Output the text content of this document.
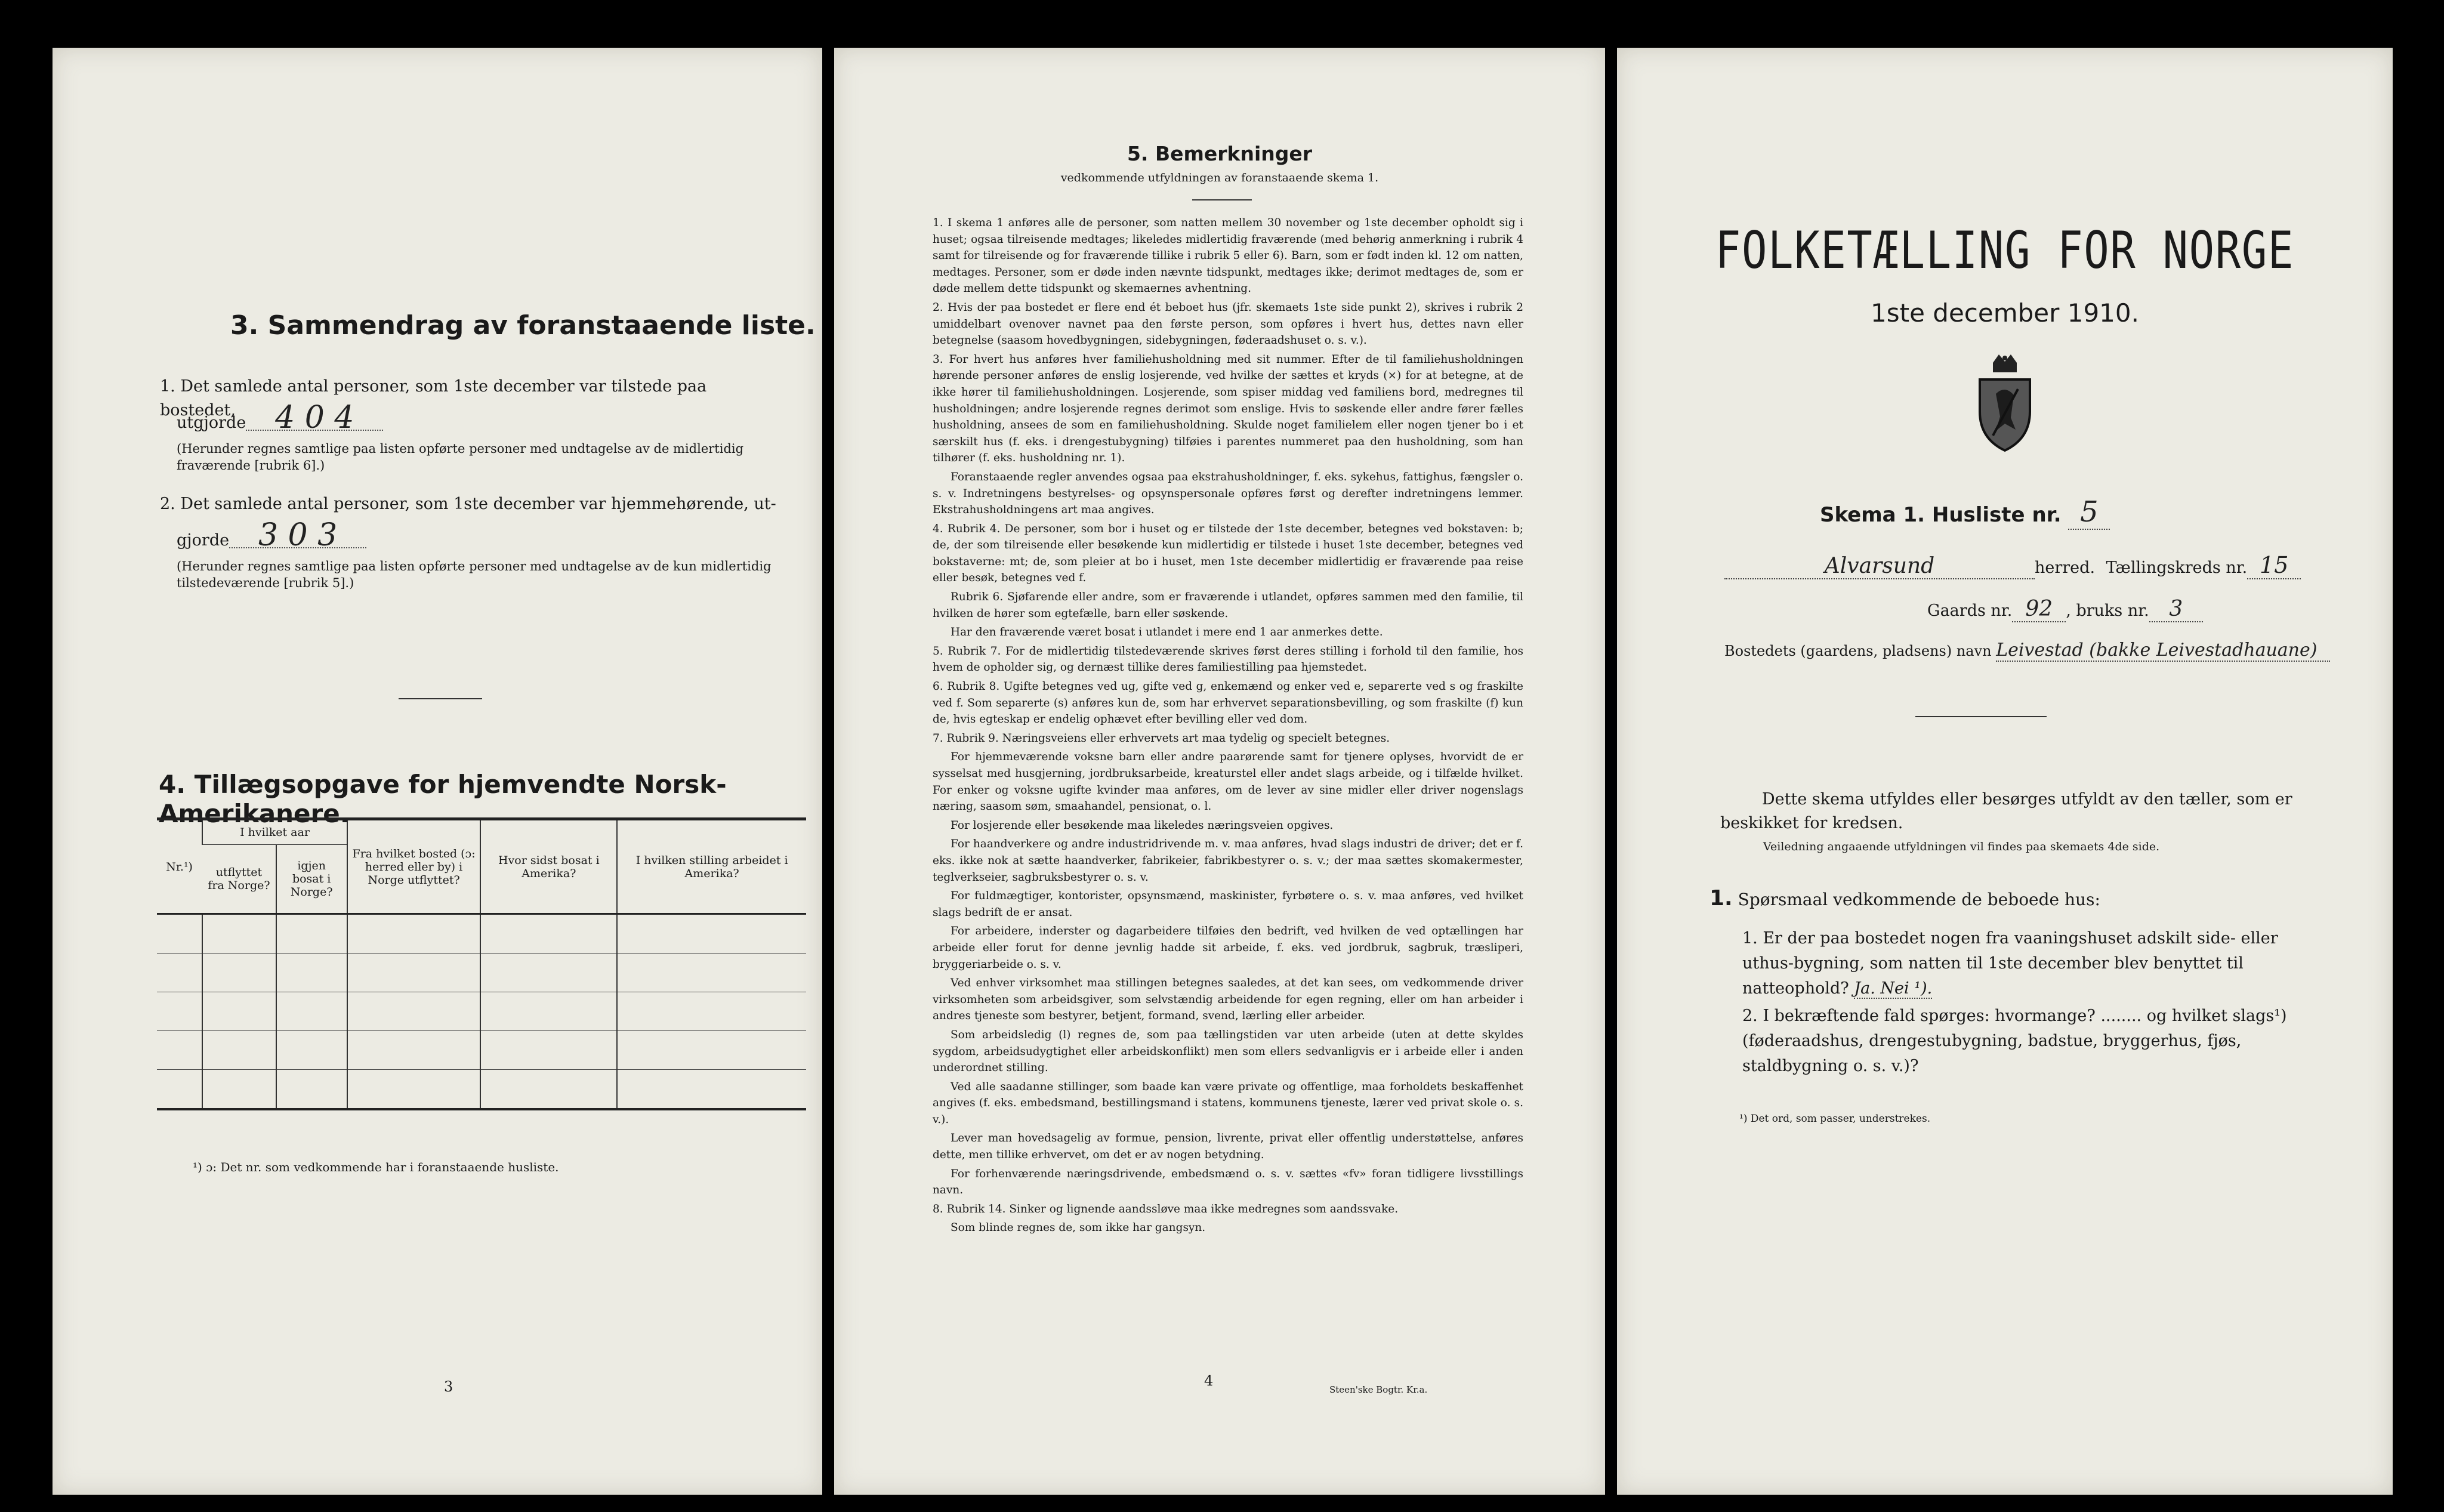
3. Sammendrag av foranstaaende liste.
1. Det samlede antal personer, som 1ste december var tilstede paa bostedet,
utgjorde 4 0 4
(Herunder regnes samtlige paa listen opførte personer med undtagelse av de midlertidig fraværende [rubrik 6].)
2. Det samlede antal personer, som 1ste december var hjemmehørende, ut-
gjorde 3 0 3
(Herunder regnes samtlige paa listen opførte personer med undtagelse av de kun midlertidig tilstedeværende [rubrik 5].)
4. Tillægsopgave for hjemvendte Norsk-Amerikanere.
Nr.¹)	I hvilket aar		Fra hvilket bosted (ɔ: herred eller by) i Norge utflyttet?	Hvor sidst bosat i Amerika?	I hvilken stilling arbeidet i Amerika?
	utflyttet fra Norge?	igjen bosat i Norge?			

¹) ɔ: Det nr. som vedkommende har i foranstaaende husliste.
3
5. Bemerkninger
vedkommende utfyldningen av foranstaaende skema 1.

1. I skema 1 anføres alle de personer, som natten mellem 30 november og 1ste december opholdt sig i huset; ogsaa tilreisende medtages; likeledes midlertidig fraværende (med behørig anmerkning i rubrik 4 samt for tilreisende og for fraværende tillike i rubrik 5 eller 6). Barn, som er født inden kl. 12 om natten, medtages. Personer, som er døde inden nævnte tidspunkt, medtages ikke; derimot medtages de, som er døde mellem dette tidspunkt og skemaernes avhentning.

2. Hvis der paa bostedet er flere end ét beboet hus (jfr. skemaets 1ste side punkt 2), skrives i rubrik 2 umiddelbart ovenover navnet paa den første person, som opføres i hvert hus, dettes navn eller betegnelse (saasom hovedbygningen, sidebygningen, føderaadshuset o. s. v.).

3. For hvert hus anføres hver familiehusholdning med sit nummer. Efter de til familiehusholdningen hørende personer anføres de enslig losjerende, ved hvilke der sættes et kryds (×) for at betegne, at de ikke hører til familiehusholdningen. Losjerende, som spiser middag ved familiens bord, medregnes til husholdningen; andre losjerende regnes derimot som enslige. Hvis to søskende eller andre fører fælles husholdning, ansees de som en familiehusholdning. Skulde noget familielem eller nogen tjener bo i et særskilt hus (f. eks. i drengestubygning) tilføies i parentes nummeret paa den husholdning, som han tilhører (f. eks. husholdning nr. 1).

Foranstaaende regler anvendes ogsaa paa ekstrahusholdninger, f. eks. sykehus, fattighus, fængsler o. s. v. Indretningens bestyrelses- og opsynspersonale opføres først og derefter indretningens lemmer. Ekstrahusholdningens art maa angives.

4. Rubrik 4. De personer, som bor i huset og er tilstede der 1ste december, betegnes ved bokstaven: b; de, der som tilreisende eller besøkende kun midlertidig er tilstede i huset 1ste december, betegnes ved bokstaverne: mt; de, som pleier at bo i huset, men 1ste december midlertidig er fraværende paa reise eller besøk, betegnes ved f.

Rubrik 6. Sjøfarende eller andre, som er fraværende i utlandet, opføres sammen med den familie, til hvilken de hører som egtefælle, barn eller søskende.

Har den fraværende været bosat i utlandet i mere end 1 aar anmerkes dette.

5. Rubrik 7. For de midlertidig tilstedeværende skrives først deres stilling i forhold til den familie, hos hvem de opholder sig, og dernæst tillike deres familiestilling paa hjemstedet.

6. Rubrik 8. Ugifte betegnes ved ug, gifte ved g, enkemænd og enker ved e, separerte ved s og fraskilte ved f. Som separerte (s) anføres kun de, som har erhvervet separationsbevilling, og som fraskilte (f) kun de, hvis egteskap er endelig ophævet efter bevilling eller ved dom.

7. Rubrik 9. Næringsveiens eller erhvervets art maa tydelig og specielt betegnes.

For hjemmeværende voksne barn eller andre paarørende samt for tjenere oplyses, hvorvidt de er sysselsat med husgjerning, jordbruksarbeide, kreaturstel eller andet slags arbeide, og i tilfælde hvilket. For enker og voksne ugifte kvinder maa anføres, om de lever av sine midler eller driver nogenslags næring, saasom søm, smaahandel, pensionat, o. l.

For losjerende eller besøkende maa likeledes næringsveien opgives.

For haandverkere og andre industridrivende m. v. maa anføres, hvad slags industri de driver; det er f. eks. ikke nok at sætte haandverker, fabrikeier, fabrikbestyrer o. s. v.; der maa sættes skomakermester, teglverkseier, sagbruksbestyrer o. s. v.

For fuldmægtiger, kontorister, opsynsmænd, maskinister, fyrbøtere o. s. v. maa anføres, ved hvilket slags bedrift de er ansat.

For arbeidere, inderster og dagarbeidere tilføies den bedrift, ved hvilken de ved optællingen har arbeide eller forut for denne jevnlig hadde sit arbeide, f. eks. ved jordbruk, sagbruk, træsliperi, bryggeriarbeide o. s. v.

Ved enhver virksomhet maa stillingen betegnes saaledes, at det kan sees, om vedkommende driver virksomheten som arbeidsgiver, som selvstændig arbeidende for egen regning, eller om han arbeider i andres tjeneste som bestyrer, betjent, formand, svend, lærling eller arbeider.

Som arbeidsledig (l) regnes de, som paa tællingstiden var uten arbeide (uten at dette skyldes sygdom, arbeidsudygtighet eller arbeidskonflikt) men som ellers sedvanligvis er i arbeide eller i anden underordnet stilling.

Ved alle saadanne stillinger, som baade kan være private og offentlige, maa forholdets beskaffenhet angives (f. eks. embedsmand, bestillingsmand i statens, kommunens tjeneste, lærer ved privat skole o. s. v.).

Lever man hovedsagelig av formue, pension, livrente, privat eller offentlig understøttelse, anføres dette, men tillike erhvervet, om det er av nogen betydning.

For forhenværende næringsdrivende, embedsmænd o. s. v. sættes «fv» foran tidligere livsstillings navn.

8. Rubrik 14. Sinker og lignende aandssløve maa ikke medregnes som aandssvake.

Som blinde regnes de, som ikke har gangsyn.

4
Steen'ske Bogtr. Kr.a.
FOLKETÆLLING FOR NORGE
1ste december 1910.
Skema 1. Husliste nr. 5
Alvarsund	herred. Tællingskreds nr. 15
Gaards nr. 92 , bruks nr. 3
Bostedets (gaardens, pladsens) navn Leivestad (bakke Leivestadhauane)
Dette skema utfyldes eller besørges utfyldt av den tæller, som er beskikket for kredsen.
Veiledning angaaende utfyldningen vil findes paa skemaets 4de side.
1. Spørsmaal vedkommende de beboede hus:
1. Er der paa bostedet nogen fra vaaningshuset adskilt side- eller uthus-bygning, som natten til 1ste december blev benyttet til natteophold? Ja. Nei ¹).
2. I bekræftende fald spørges: hvormange? ........ og hvilket slags¹) (føderaadshus, drengestubygning, badstue, bryggerhus, fjøs, staldbygning o. s. v.)?
¹) Det ord, som passer, understrekes.
